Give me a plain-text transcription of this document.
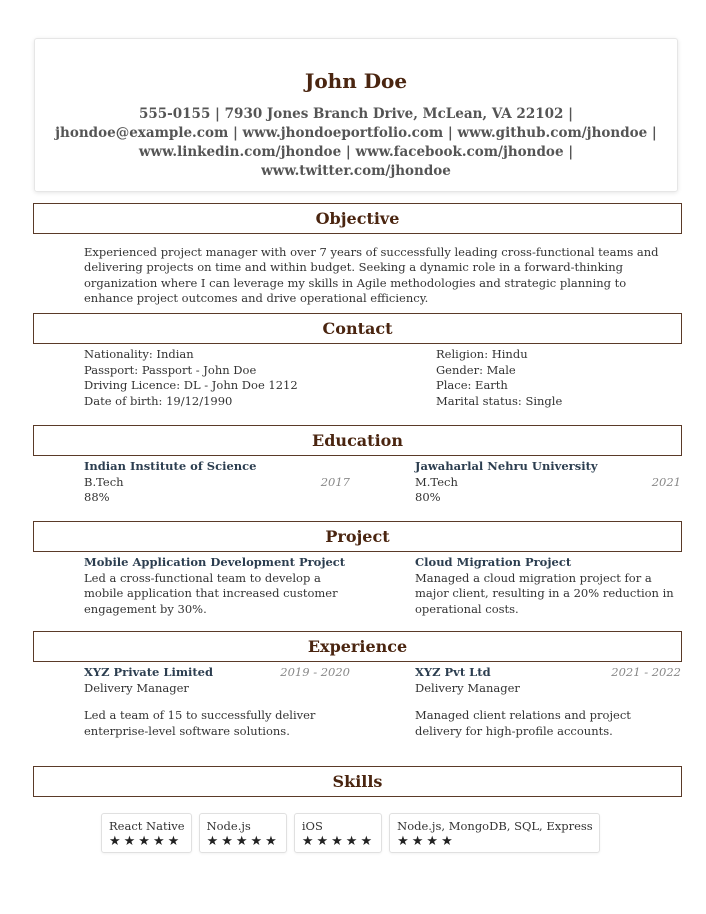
John Doe
555-0155 | 7930 Jones Branch Drive, McLean, VA 22102 | jhondoe@example.com | www.jhondoeportfolio.com | www.github.com/jhondoe | www.linkedin.com/jhondoe | www.facebook.com/jhondoe | www.twitter.com/jhondoe
Objective
Experienced project manager with over 7 years of successfully leading cross-functional teams and delivering projects on time and within budget. Seeking a dynamic role in a forward-thinking organization where I can leverage my skills in Agile methodologies and strategic planning to enhance project outcomes and drive operational efficiency.
Contact
Nationality: Indian
Passport: Passport - John Doe
Driving Licence: DL - John Doe 1212
Date of birth: 19/12/1990
Religion: Hindu
Gender: Male
Place: Earth
Marital status: Single
Education
Indian Institute of Science
B.Tech	2017
88%
Jawaharlal Nehru University
M.Tech	2021
80%
Project
Mobile Application Development Project
Led a cross-functional team to develop a mobile application that increased customer engagement by 30%.
Cloud Migration Project
Managed a cloud migration project for a major client, resulting in a 20% reduction in operational costs.
Experience
XYZ Private Limited	2019 - 2020
Delivery Manager
Led a team of 15 to successfully deliver enterprise-level software solutions.
XYZ Pvt Ltd	2021 - 2022
Delivery Manager
Managed client relations and project delivery for high-profile accounts.
Skills
React Native
★★★★★
Node.js
★★★★★
iOS
★★★★★
Node.js, MongoDB, SQL, Express
★★★★
